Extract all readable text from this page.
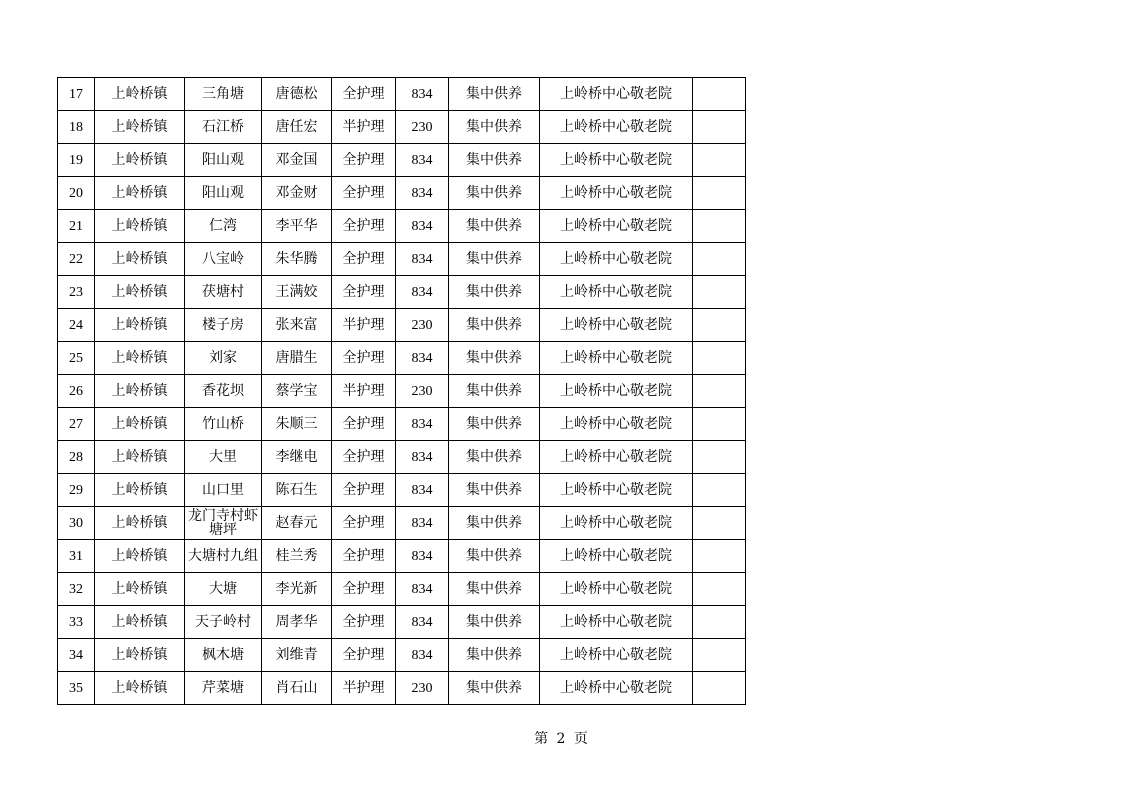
17	上岭桥镇	三角塘	唐德松	全护理	834	集中供养	上岭桥中心敬老院	
18	上岭桥镇	石江桥	唐任宏	半护理	230	集中供养	上岭桥中心敬老院	
19	上岭桥镇	阳山观	邓金国	全护理	834	集中供养	上岭桥中心敬老院	
20	上岭桥镇	阳山观	邓金财	全护理	834	集中供养	上岭桥中心敬老院	
21	上岭桥镇	仁湾	李平华	全护理	834	集中供养	上岭桥中心敬老院	
22	上岭桥镇	八宝岭	朱华腾	全护理	834	集中供养	上岭桥中心敬老院	
23	上岭桥镇	茯塘村	王满姣	全护理	834	集中供养	上岭桥中心敬老院	
24	上岭桥镇	楼子房	张来富	半护理	230	集中供养	上岭桥中心敬老院	
25	上岭桥镇	刘家	唐腊生	全护理	834	集中供养	上岭桥中心敬老院	
26	上岭桥镇	香花坝	蔡学宝	半护理	230	集中供养	上岭桥中心敬老院	
27	上岭桥镇	竹山桥	朱顺三	全护理	834	集中供养	上岭桥中心敬老院	
28	上岭桥镇	大里	李继电	全护理	834	集中供养	上岭桥中心敬老院	
29	上岭桥镇	山口里	陈石生	全护理	834	集中供养	上岭桥中心敬老院	
30	上岭桥镇	龙门寺村虾塘坪	赵春元	全护理	834	集中供养	上岭桥中心敬老院	
31	上岭桥镇	大塘村九组	桂兰秀	全护理	834	集中供养	上岭桥中心敬老院	
32	上岭桥镇	大塘	李光新	全护理	834	集中供养	上岭桥中心敬老院	
33	上岭桥镇	天子岭村	周孝华	全护理	834	集中供养	上岭桥中心敬老院	
34	上岭桥镇	枫木塘	刘维青	全护理	834	集中供养	上岭桥中心敬老院	
35	上岭桥镇	芹菜塘	肖石山	半护理	230	集中供养	上岭桥中心敬老院	
第 2 页
